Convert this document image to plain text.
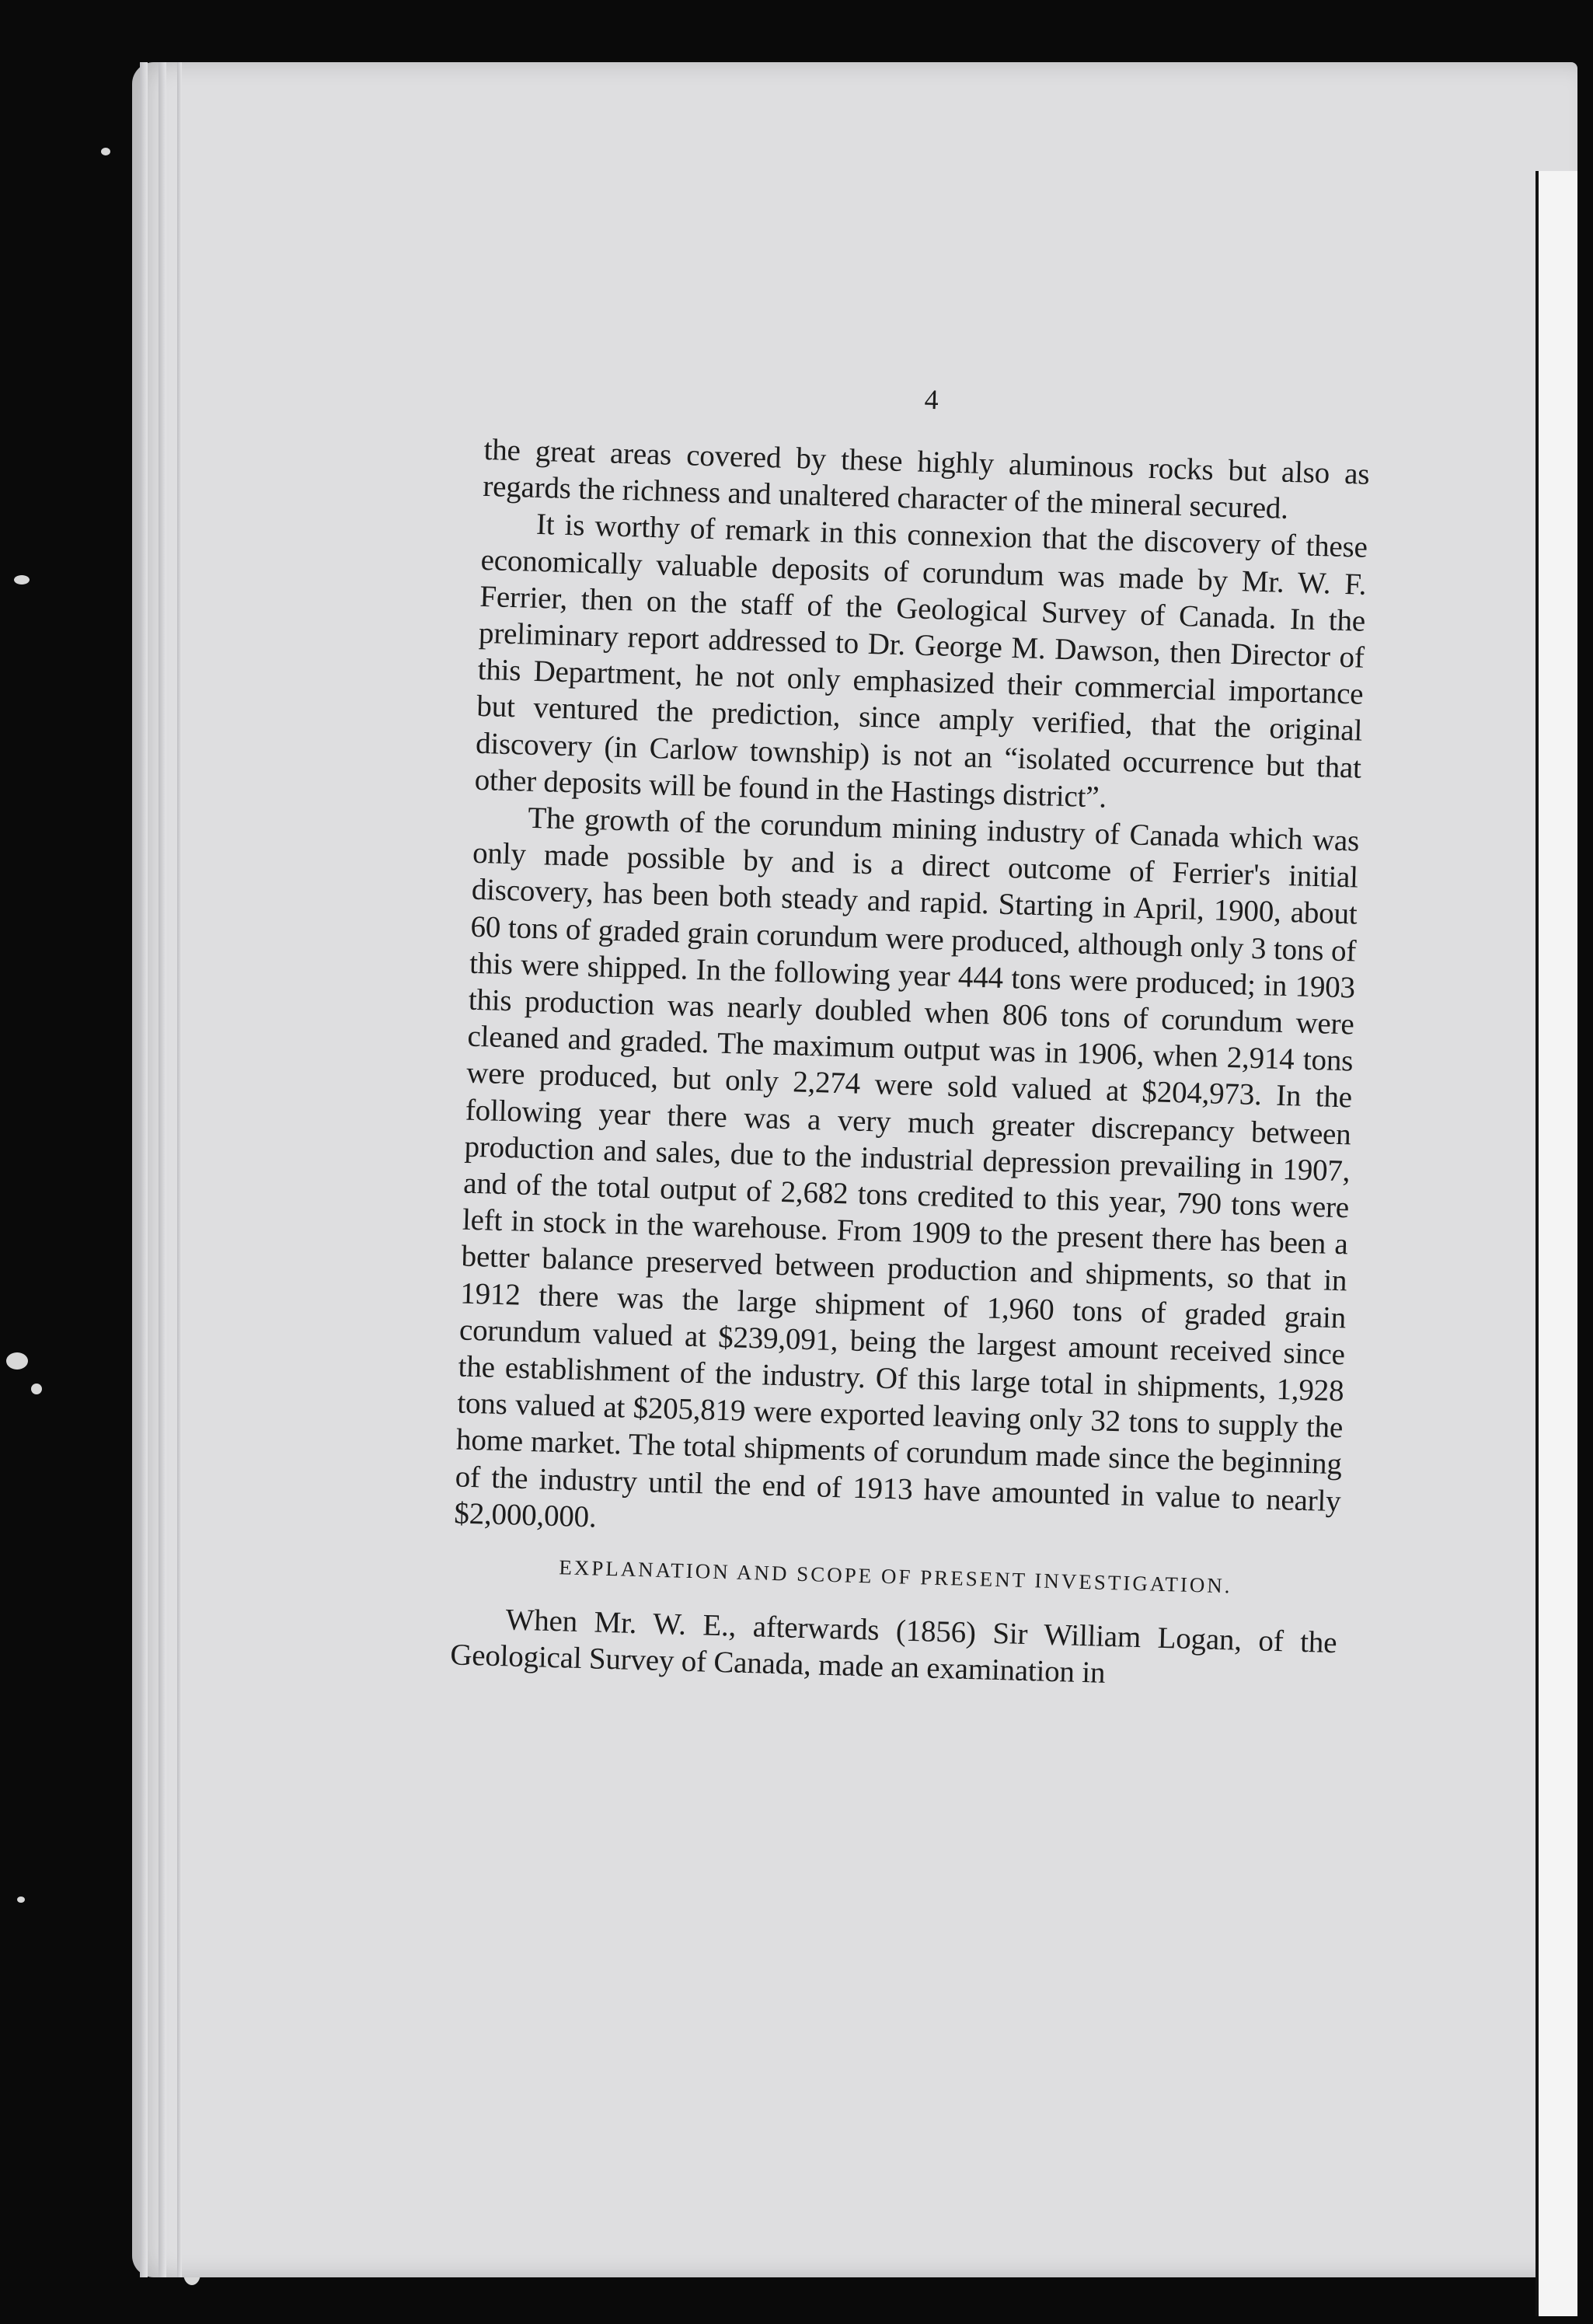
4

the great areas covered by these highly aluminous rocks but also as regards the richness and unaltered character of the mineral secured.

It is worthy of remark in this connexion that the discovery of these economically valuable deposits of corundum was made by Mr. W. F. Ferrier, then on the staff of the Geological Survey of Canada. In the preliminary report addressed to Dr. George M. Dawson, then Director of this Department, he not only emphasized their commercial importance but ventured the prediction, since amply verified, that the original discovery (in Carlow township) is not an “isolated occurrence but that other deposits will be found in the Hastings district”.

The growth of the corundum mining industry of Canada which was only made possible by and is a direct outcome of Ferrier's initial discovery, has been both steady and rapid. Starting in April, 1900, about 60 tons of graded grain corundum were produced, although only 3 tons of this were shipped. In the following year 444 tons were produced; in 1903 this production was nearly doubled when 806 tons of corundum were cleaned and graded. The maximum output was in 1906, when 2,914 tons were produced, but only 2,274 were sold valued at $204,973. In the following year there was a very much greater discrepancy between production and sales, due to the industrial depression prevailing in 1907, and of the total output of 2,682 tons credited to this year, 790 tons were left in stock in the warehouse. From 1909 to the present there has been a better balance preserved between production and shipments, so that in 1912 there was the large shipment of 1,960 tons of graded grain corundum valued at $239,091, being the largest amount received since the establishment of the industry. Of this large total in shipments, 1,928 tons valued at $205,819 were exported leaving only 32 tons to supply the home market. The total shipments of corundum made since the beginning of the industry until the end of 1913 have amounted in value to nearly $2,000,000.

EXPLANATION AND SCOPE OF PRESENT INVESTIGATION.

When Mr. W. E., afterwards (1856) Sir William Logan, of the Geological Survey of Canada, made an examination in
